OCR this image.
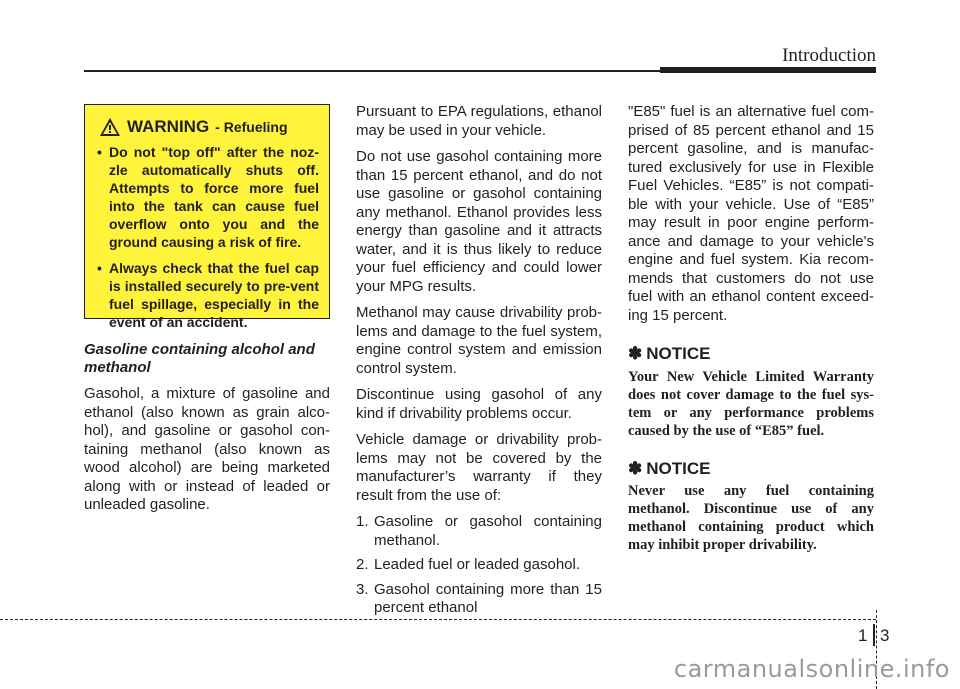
Introduction
WARNING - Refueling
• Do not "top off" after the noz-zle automatically shuts off. Attempts to force more fuel into the tank can cause fuel overflow onto you and the ground causing a risk of fire.
• Always check that the fuel cap is installed securely to pre-vent fuel spillage, especially in the event of an accident.
Gasoline containing alcohol and methanol

Gasohol, a mixture of gasoline and ethanol (also known as grain alco-hol), and gasoline or gasohol con-taining methanol (also known as wood alcohol) are being marketed along with or instead of leaded or unleaded gasoline.

Pursuant to EPA regulations, ethanol may be used in your vehicle.

Do not use gasohol containing more than 15 percent ethanol, and do not use gasoline or gasohol containing any methanol. Ethanol provides less energy than gasoline and it attracts water, and it is thus likely to reduce your fuel efficiency and could lower your MPG results.

Methanol may cause drivability prob-lems and damage to the fuel system, engine control system and emission control system.

Discontinue using gasohol of any kind if drivability problems occur.

Vehicle damage or drivability prob-lems may not be covered by the manufacturer’s warranty if they result from the use of:

1. Gasoline or gasohol containing methanol.
2. Leaded fuel or leaded gasohol.
3. Gasohol containing more than 15 percent ethanol

"E85" fuel is an alternative fuel com-prised of 85 percent ethanol and 15 percent gasoline, and is manufac-tured exclusively for use in Flexible Fuel Vehicles. “E85” is not compati-ble with your vehicle. Use of “E85” may result in poor engine perform-ance and damage to your vehicle's engine and fuel system. Kia recom-mends that customers do not use fuel with an ethanol content exceed-ing 15 percent.

✽ NOTICE

Your New Vehicle Limited Warranty does not cover damage to the fuel sys-tem or any performance problems caused by the use of “E85” fuel.

✽ NOTICE

Never use any fuel containing methanol. Discontinue use of any methanol containing product which may inhibit proper drivability.

1 3
carmanualsonline.info
